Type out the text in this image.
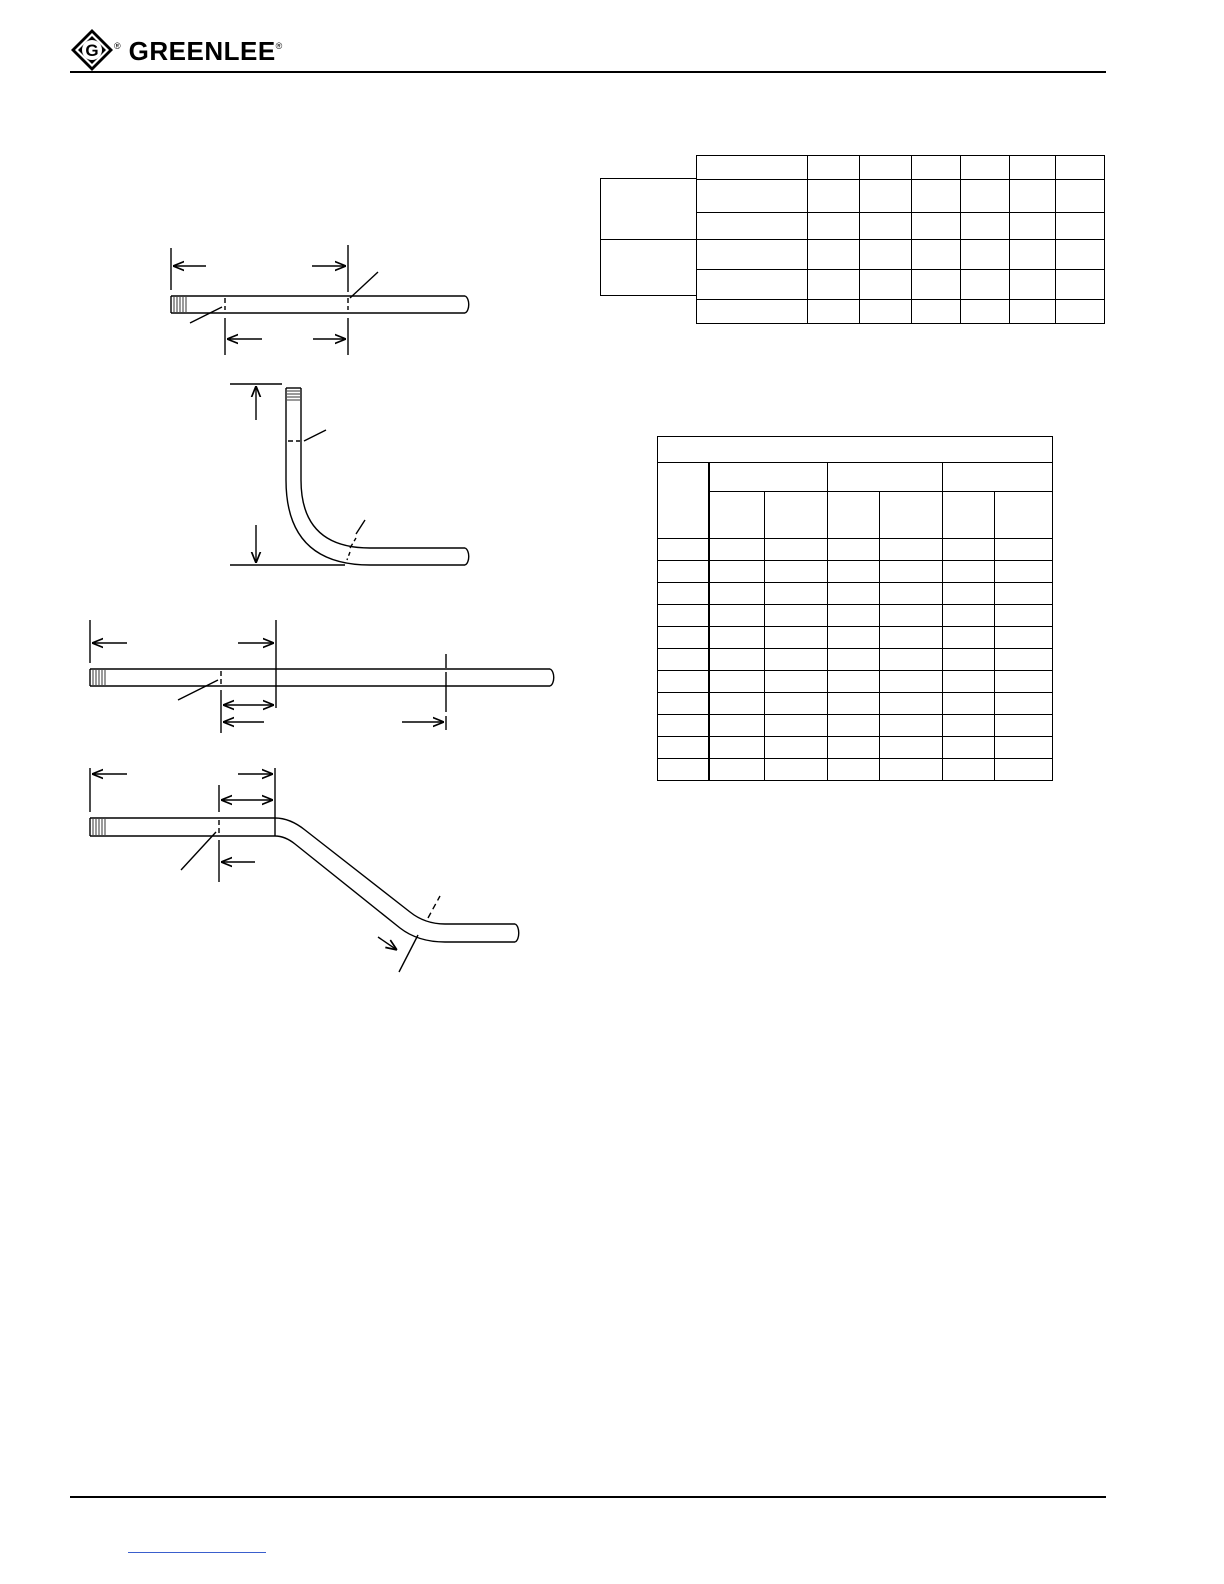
G ® GREENLEE ®
